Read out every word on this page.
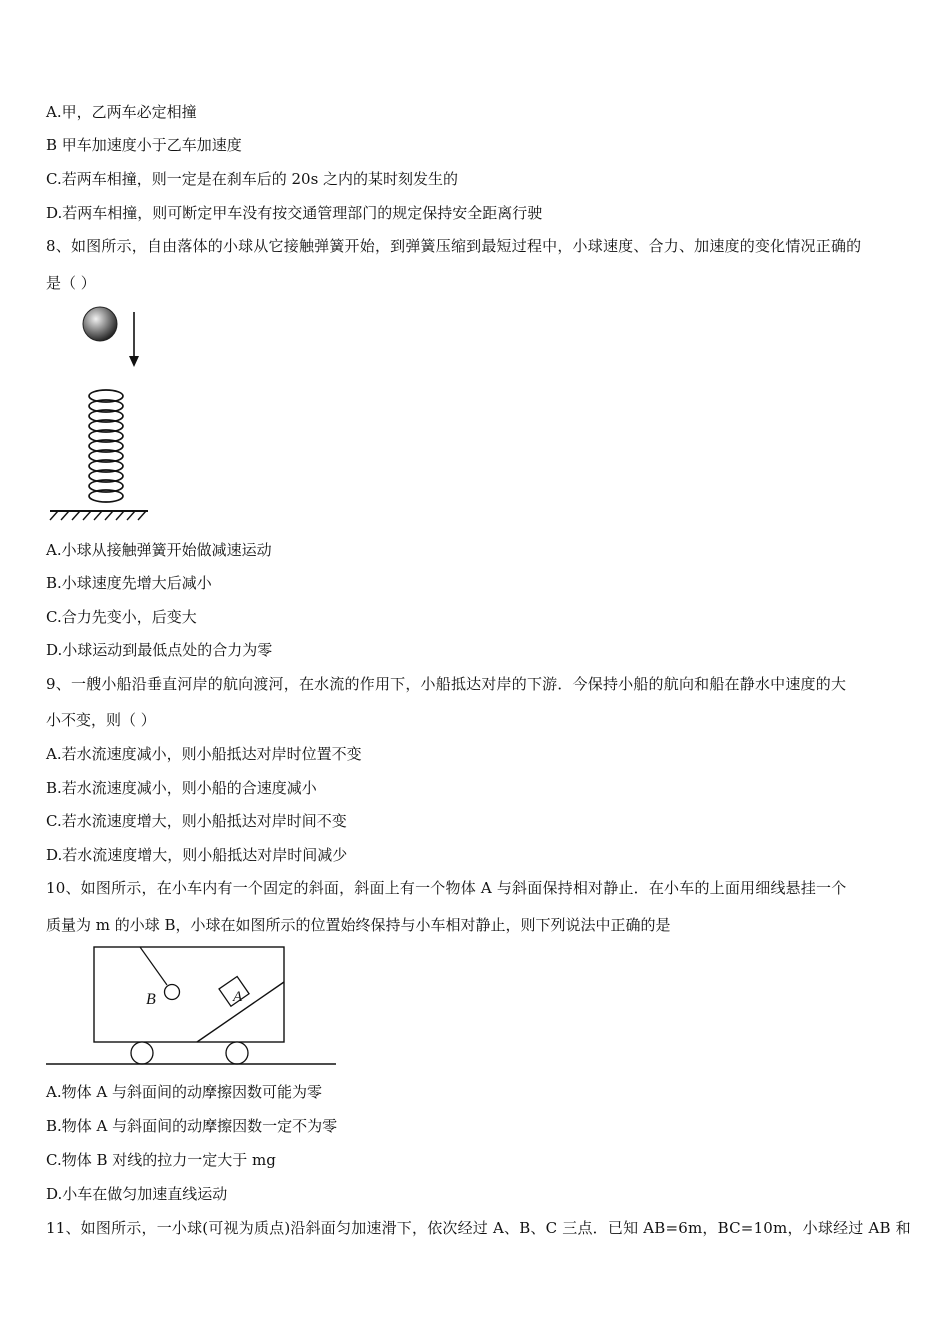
A.甲，乙两车必定相撞
B 甲车加速度小于乙车加速度
C.若两车相撞，则一定是在刹车后的 20s 之内的某时刻发生的
D.若两车相撞，则可断定甲车没有按交通管理部门的规定保持安全距离行驶
8、如图所示，自由落体的小球从它接触弹簧开始，到弹簧压缩到最短过程中，小球速度、合力、加速度的变化情况正确的
是（ ）
A.小球从接触弹簧开始做减速运动
B.小球速度先增大后减小
C.合力先变小，后变大
D.小球运动到最低点处的合力为零
9、一艘小船沿垂直河岸的航向渡河，在水流的作用下，小船抵达对岸的下游．今保持小船的航向和船在静水中速度的大
小不变，则（ ）
A.若水流速度减小，则小船抵达对岸时位置不变
B.若水流速度减小，则小船的合速度减小
C.若水流速度增大，则小船抵达对岸时间不变
D.若水流速度增大，则小船抵达对岸时间减少
10、如图所示，在小车内有一个固定的斜面，斜面上有一个物体 A 与斜面保持相对静止．在小车的上面用细线悬挂一个
质量为 m 的小球 B，小球在如图所示的位置始终保持与小车相对静止，则下列说法中正确的是
B	A
A.物体 A 与斜面间的动摩擦因数可能为零
B.物体 A 与斜面间的动摩擦因数一定不为零
C.物体 B 对线的拉力一定大于 mg
D.小车在做匀加速直线运动
11、如图所示，一小球(可视为质点)沿斜面匀加速滑下，依次经过 A、B、C 三点．已知 AB=6m，BC=10m，小球经过 AB 和
